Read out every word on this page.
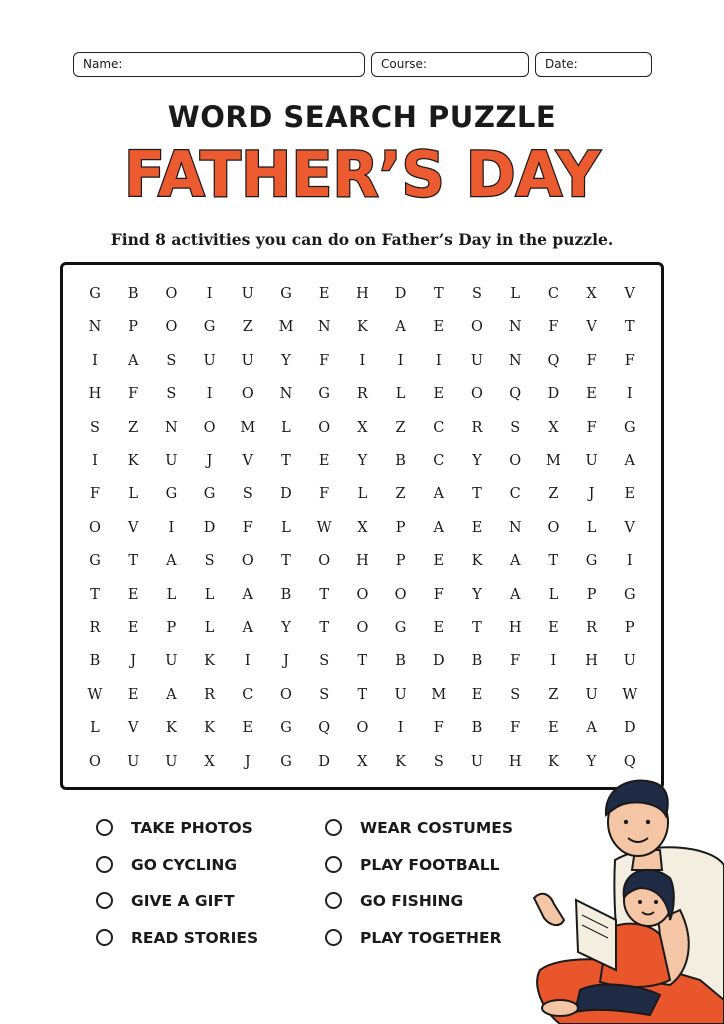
Name:	Course:	Date:
WORD SEARCH PUZZLE
FATHER’S DAY
Find 8 activities you can do on Father’s Day in the puzzle.
G	B	O	I	U	G	E	H	D	T	S	L	C	X	V
N	P	O	G	Z	M	N	K	A	E	O	N	F	V	T
I	A	S	U	U	Y	F	I	I	I	U	N	Q	F	F
H	F	S	I	O	N	G	R	L	E	O	Q	D	E	I
S	Z	N	O	M	L	O	X	Z	C	R	S	X	F	G
I	K	U	J	V	T	E	Y	B	C	Y	O	M	U	A
F	L	G	G	S	D	F	L	Z	A	T	C	Z	J	E
O	V	I	D	F	L	W	X	P	A	E	N	O	L	V
G	T	A	S	O	T	O	H	P	E	K	A	T	G	I
T	E	L	L	A	B	T	O	O	F	Y	A	L	P	G
R	E	P	L	A	Y	T	O	G	E	T	H	E	R	P
B	J	U	K	I	J	S	T	B	D	B	F	I	H	U
W	E	A	R	C	O	S	T	U	M	E	S	Z	U	W
L	V	K	K	E	G	Q	O	I	F	B	F	E	A	D
O	U	U	X	J	G	D	X	K	S	U	H	K	Y	Q
TAKE PHOTOS
GO CYCLING
GIVE A GIFT
READ STORIES
WEAR COSTUMES
PLAY FOOTBALL
GO FISHING
PLAY TOGETHER
